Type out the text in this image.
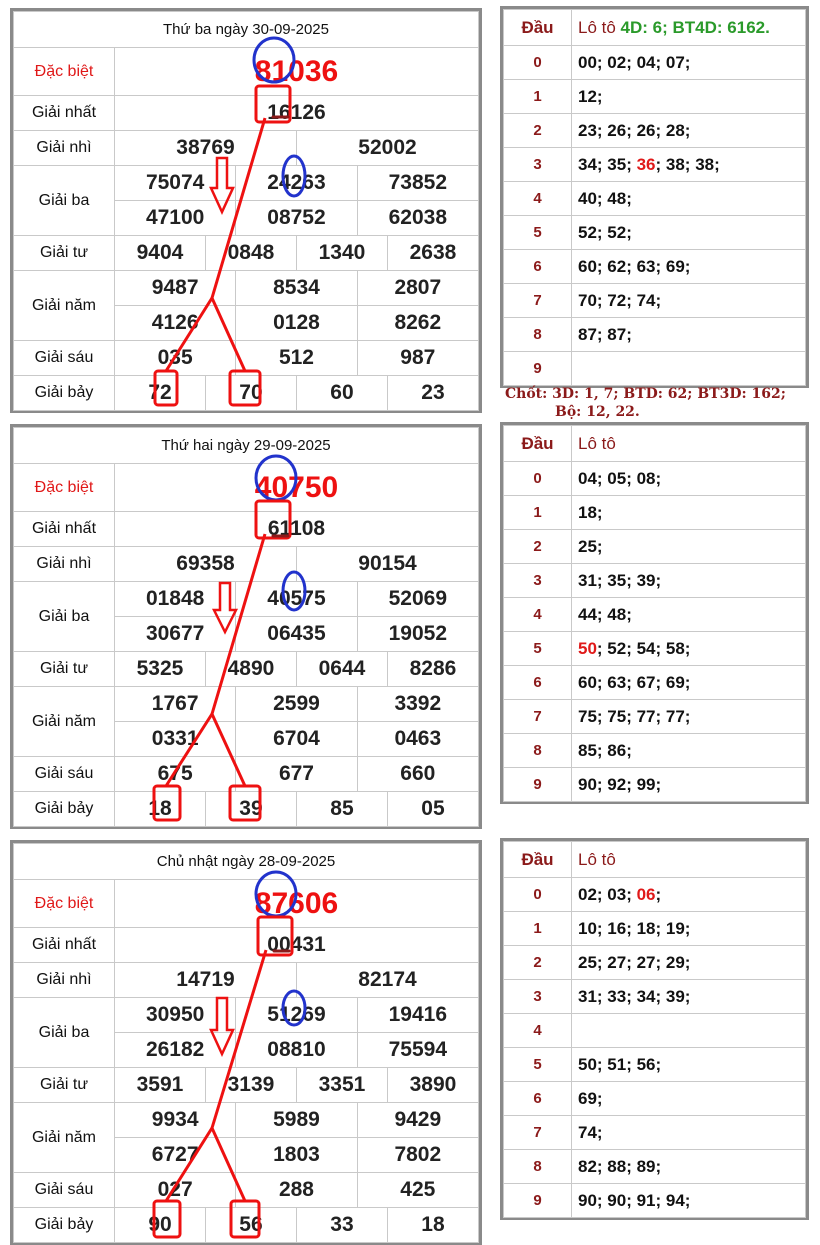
Thứ ba ngày 30-09-2025						
Đặc biệt	81036					
Giải nhất	16126					
Giải nhì	38769			52002		
Giải ba	75074		24263		73852	
	47100		08752		62038	
Giải tư	9404	0848		1340		2638
Giải năm	9487		8534		2807	
	4126		0128		8262	
Giải sáu	035		512		987	
Giải bảy	72	70		60		23
Đầu	Lô tô 4D: 6; BT4D: 6162.
0	00; 02; 04; 07;
1	12;
2	23; 26; 26; 28;
3	34; 35; 36; 38; 38;
4	40; 48;
5	52; 52;
6	60; 62; 63; 69;
7	70; 72; 74;
8	87; 87;
9	
Thứ hai ngày 29-09-2025						
Đặc biệt	40750					
Giải nhất	61108					
Giải nhì	69358			90154		
Giải ba	01848		40575		52069	
	30677		06435		19052	
Giải tư	5325	4890		0644		8286
Giải năm	1767		2599		3392	
	0331		6704		0463	
Giải sáu	675		677		660	
Giải bảy	18	39		85		05
Đầu	Lô tô
0	04; 05; 08;
1	18;
2	25;
3	31; 35; 39;
4	44; 48;
5	50; 52; 54; 58;
6	60; 63; 67; 69;
7	75; 75; 77; 77;
8	85; 86;
9	90; 92; 99;
Chủ nhật ngày 28-09-2025						
Đặc biệt	87606					
Giải nhất	00431					
Giải nhì	14719			82174		
Giải ba	30950		51269		19416	
	26182		08810		75594	
Giải tư	3591	3139		3351		3890
Giải năm	9934		5989		9429	
	6727		1803		7802	
Giải sáu	027		288		425	
Giải bảy	90	56		33		18
Đầu	Lô tô
0	02; 03; 06;
1	10; 16; 18; 19;
2	25; 27; 27; 29;
3	31; 33; 34; 39;
4	
5	50; 51; 56;
6	69;
7	74;
8	82; 88; 89;
9	90; 90; 91; 94;
Chốt: 3D: 1, 7; BTD: 62; BT3D: 162;
Bộ: 12, 22.
